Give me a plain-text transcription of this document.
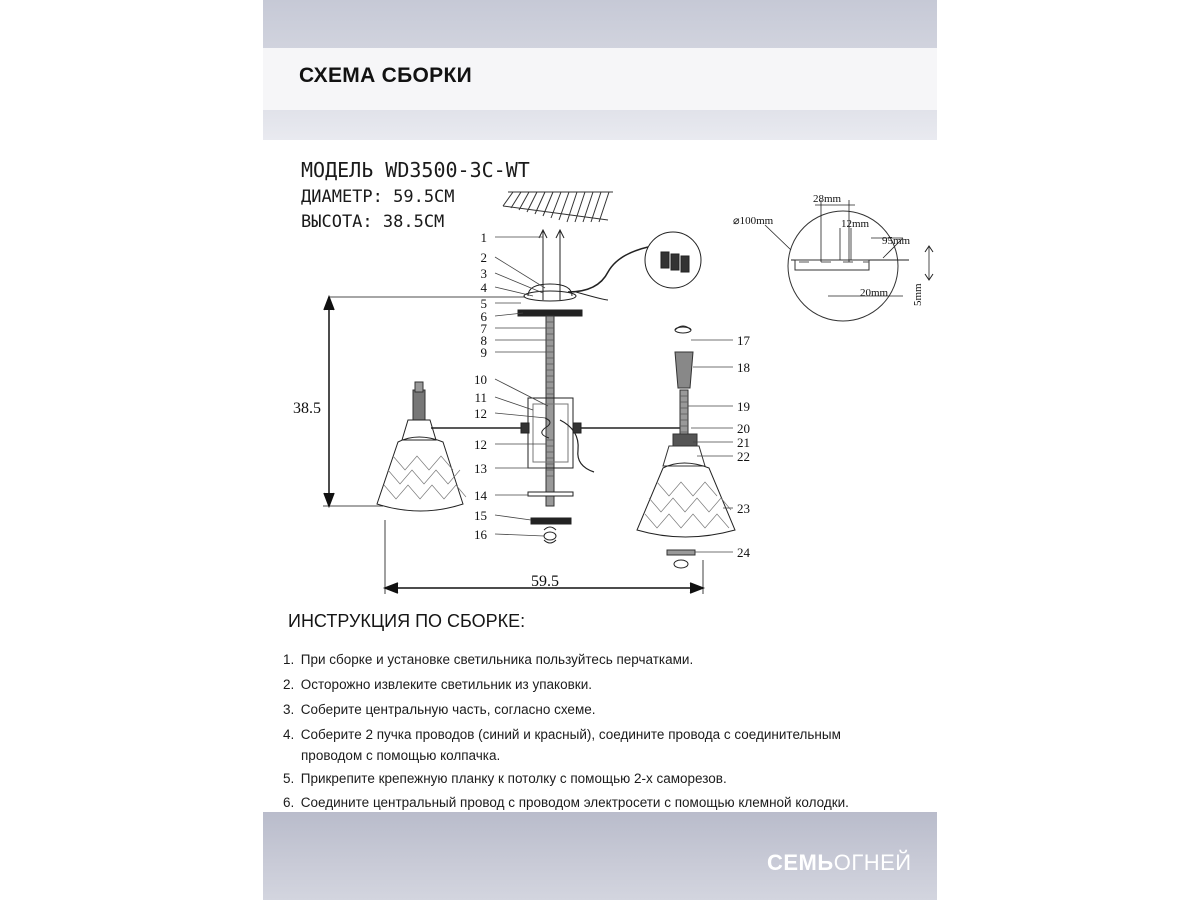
СХЕМА СБОРКИ
МОДЕЛЬ WD3500-3C-WT
ДИАМЕТР: 59.5СМ
ВЫСОТА: 38.5СМ
1
2
3
4
5
6
7
8
9
10
11
12
12
13
14
15
16
17
18
19
20
21
22
23
24
38.5
59.5
⌀100mm
28mm
12mm
95mm
20mm 5mm
ИНСТРУКЦИЯ ПО СБОРКЕ:
1. При сборке и установке светильника пользуйтесь перчатками.
2. Осторожно извлеките светильник из упаковки.
3. Соберите центральную часть, согласно схеме.
4. Соберите 2 пучка проводов (синий и красный), соедините провода с соединительным
проводом с помощью колпачка.
5. Прикрепите крепежную планку к потолку с помощью 2-х саморезов.
6. Соедините центральный провод с проводом электросети с помощью клемной колодки.
СЕМЬОГНЕЙ
